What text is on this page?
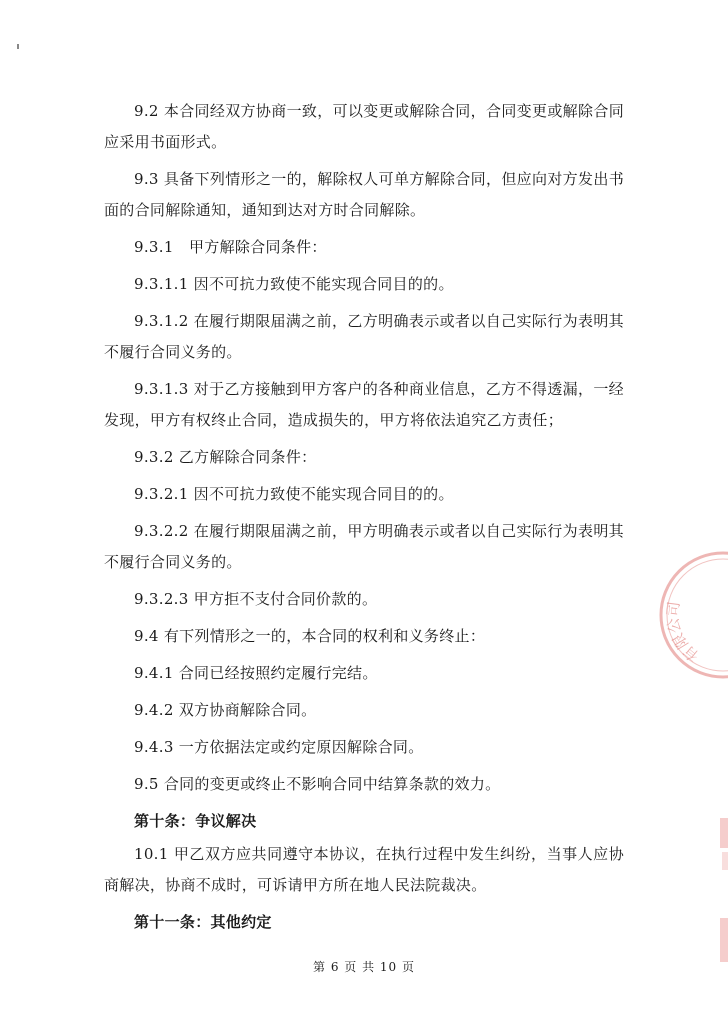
9.2 本合同经双方协商一致，可以变更或解除合同，合同变更或解除合同应采用书面形式。

9.3 具备下列情形之一的，解除权人可单方解除合同，但应向对方发出书面的合同解除通知，通知到达对方时合同解除。

9.3.1　甲方解除合同条件：

9.3.1.1 因不可抗力致使不能实现合同目的的。

9.3.1.2 在履行期限届满之前，乙方明确表示或者以自己实际行为表明其不履行合同义务的。

9.3.1.3 对于乙方接触到甲方客户的各种商业信息，乙方不得透漏，一经发现，甲方有权终止合同，造成损失的，甲方将依法追究乙方责任；

9.3.2 乙方解除合同条件：

9.3.2.1 因不可抗力致使不能实现合同目的的。

9.3.2.2 在履行期限届满之前，甲方明确表示或者以自己实际行为表明其不履行合同义务的。

9.3.2.3 甲方拒不支付合同价款的。

9.4 有下列情形之一的，本合同的权利和义务终止：

9.4.1 合同已经按照约定履行完结。

9.4.2 双方协商解除合同。

9.4.3 一方依据法定或约定原因解除合同。

9.5 合同的变更或终止不影响合同中结算条款的效力。

第十条：争议解决

10.1 甲乙双方应共同遵守本协议，在执行过程中发生纠纷，当事人应协商解决，协商不成时，可诉请甲方所在地人民法院裁决。

第十一条：其他约定

第 6 页 共 10 页
有限公司
